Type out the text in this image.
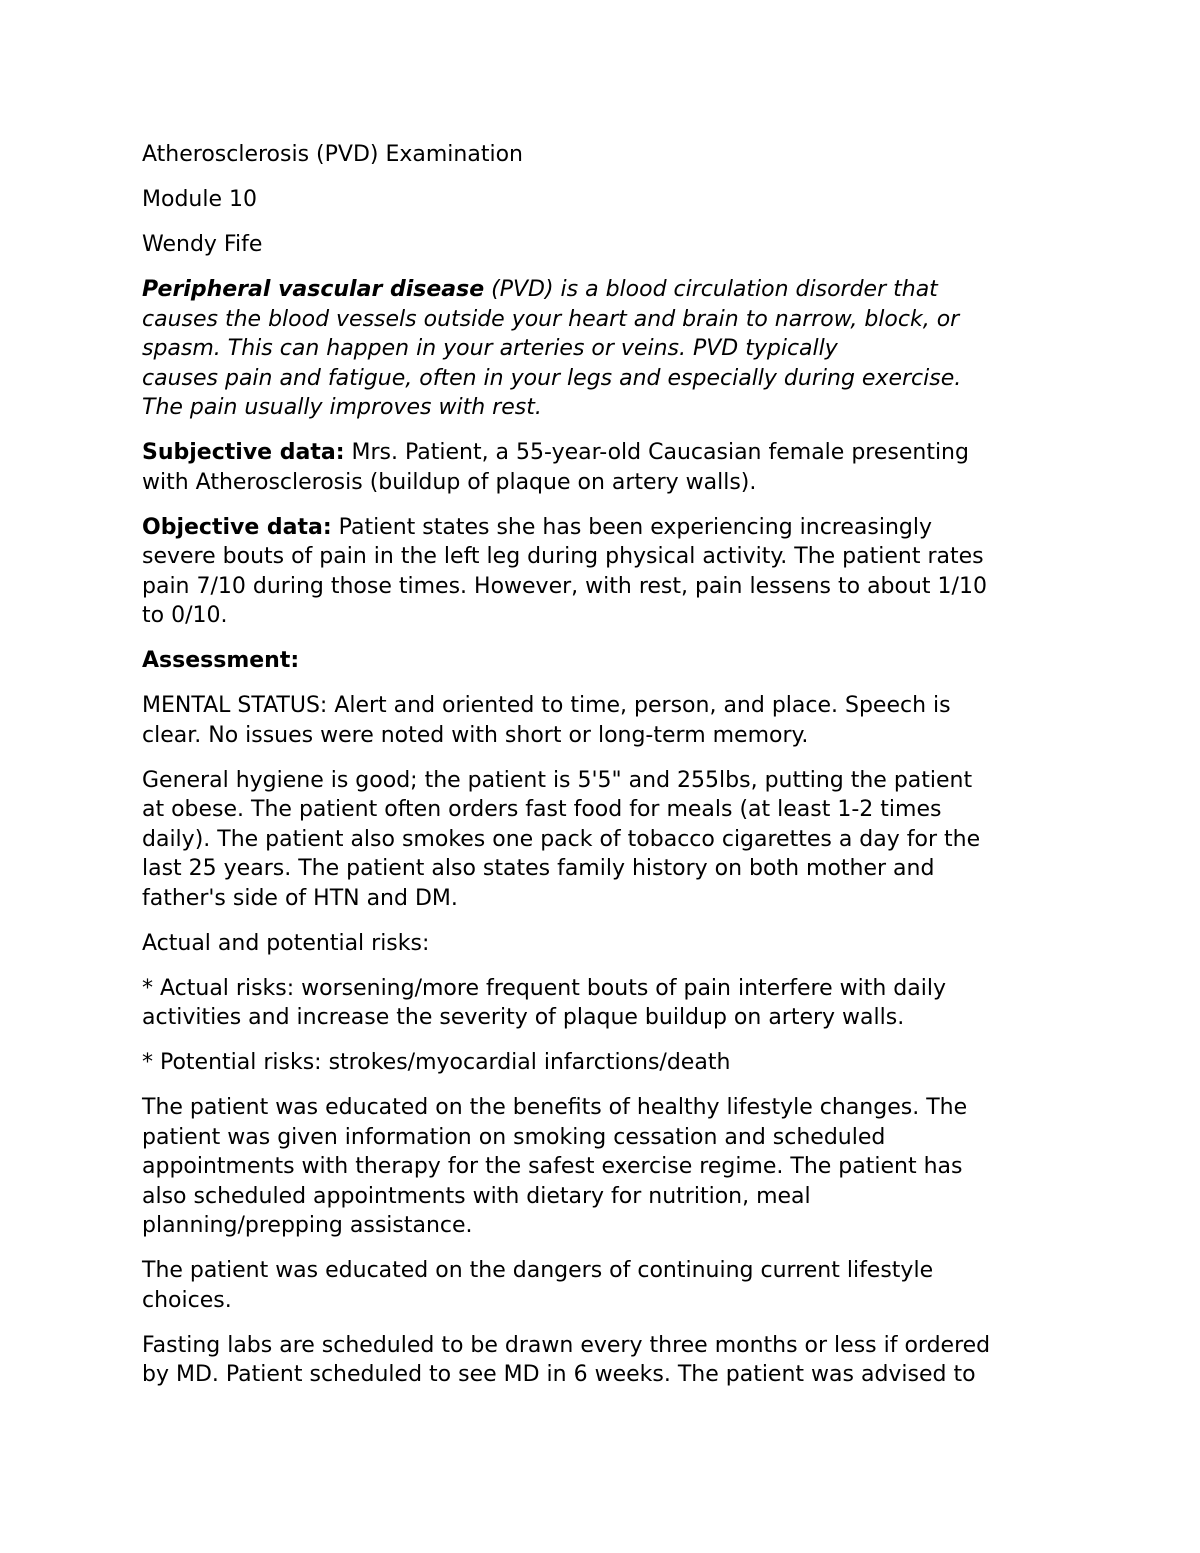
Atherosclerosis (PVD) Examination

Module 10

Wendy Fife

Peripheral vascular disease (PVD) is a blood circulation disorder that
causes the blood vessels outside your heart and brain to narrow, block, or
spasm. This can happen in your arteries or veins. PVD typically
causes pain and fatigue, often in your legs and especially during exercise.
The pain usually improves with rest.

Subjective data: Mrs. Patient, a 55-year-old Caucasian female presenting
with Atherosclerosis (buildup of plaque on artery walls).

Objective data: Patient states she has been experiencing increasingly
severe bouts of pain in the left leg during physical activity. The patient rates
pain 7/10 during those times. However, with rest, pain lessens to about 1/10
to 0/10.

Assessment:

MENTAL STATUS: Alert and oriented to time, person, and place. Speech is
clear. No issues were noted with short or long-term memory.

General hygiene is good; the patient is 5'5" and 255lbs, putting the patient
at obese. The patient often orders fast food for meals (at least 1-2 times
daily). The patient also smokes one pack of tobacco cigarettes a day for the
last 25 years. The patient also states family history on both mother and
father's side of HTN and DM.

Actual and potential risks:

* Actual risks: worsening/more frequent bouts of pain interfere with daily
activities and increase the severity of plaque buildup on artery walls.

* Potential risks: strokes/myocardial infarctions/death

The patient was educated on the benefits of healthy lifestyle changes. The
patient was given information on smoking cessation and scheduled
appointments with therapy for the safest exercise regime. The patient has
also scheduled appointments with dietary for nutrition, meal
planning/prepping assistance.

The patient was educated on the dangers of continuing current lifestyle
choices.

Fasting labs are scheduled to be drawn every three months or less if ordered
by MD. Patient scheduled to see MD in 6 weeks. The patient was advised to
